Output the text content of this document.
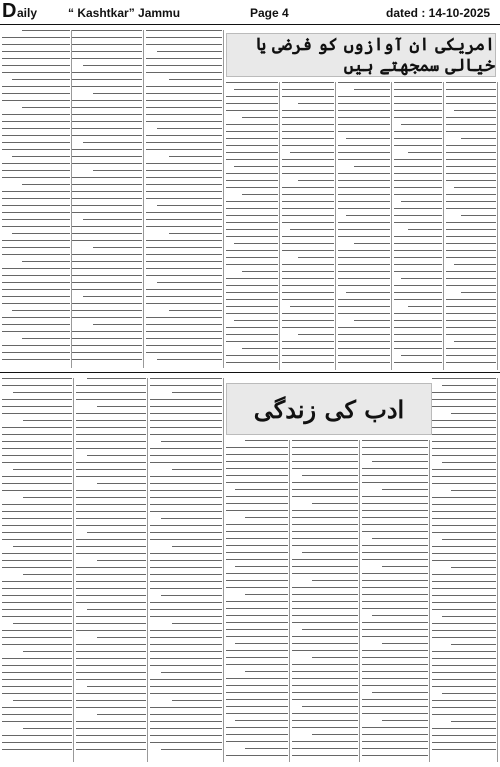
D aily	“ Kashtkar” Jammu	Page 4	dated : 14-10-2025
امریکی ان آوازوں کو فرضی یا خیالی سمجھتے ہیں
ادب کی زندگی
